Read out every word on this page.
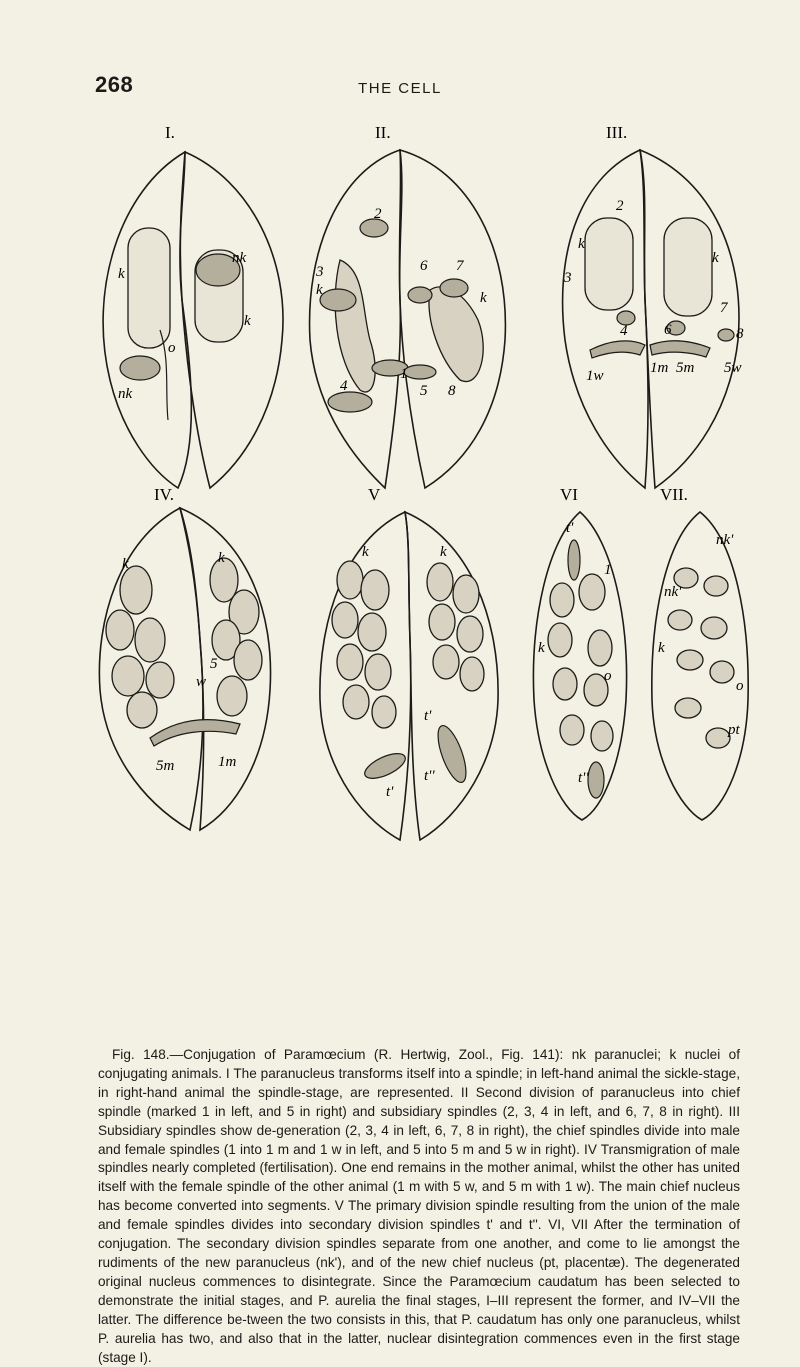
268	THE CELL
I.	II.	III.
IV.	V	VI	VII.
k
nk
k
o
nk
2
3
k
6 7
k
4
1
5 8
2
k
k
3
4 6
7
8
1w	1m 5m 5w
k	k
5
w
5m	1m
k	k
t'
t'
t''
t'
1
k
o
t''
nk'
nk'
k
o
pt

Fig. 148.—Conjugation of Paramœcium (R. Hertwig, Zool., Fig. 141): nk paranuclei; k nuclei of conjugating animals. I The paranucleus transforms itself into a spindle; in left-hand animal the sickle-stage, in right-hand animal the spindle-stage, are represented. II Second division of paranucleus into chief spindle (marked 1 in left, and 5 in right) and subsidiary spindles (2, 3, 4 in left, and 6, 7, 8 in right). III Subsidiary spindles show de-generation (2, 3, 4 in left, 6, 7, 8 in right), the chief spindles divide into male and female spindles (1 into 1 m and 1 w in left, and 5 into 5 m and 5 w in right). IV Transmigration of male spindles nearly completed (fertilisation). One end remains in the mother animal, whilst the other has united itself with the female spindle of the other animal (1 m with 5 w, and 5 m with 1 w). The main chief nucleus has become converted into segments. V The primary division spindle resulting from the union of the male and female spindles divides into secondary division spindles t' and t''. VI, VII After the termination of conjugation. The secondary division spindles separate from one another, and come to lie amongst the rudiments of the new paranucleus (nk'), and of the new chief nucleus (pt, placentæ). The degenerated original nucleus commences to disintegrate. Since the Paramœcium caudatum has been selected to demonstrate the initial stages, and P. aurelia the final stages, I–III represent the former, and IV–VII the latter. The difference be-tween the two consists in this, that P. caudatum has only one paranucleus, whilst P. aurelia has two, and also that in the latter, nuclear disintegration commences even in the first stage (stage I).
